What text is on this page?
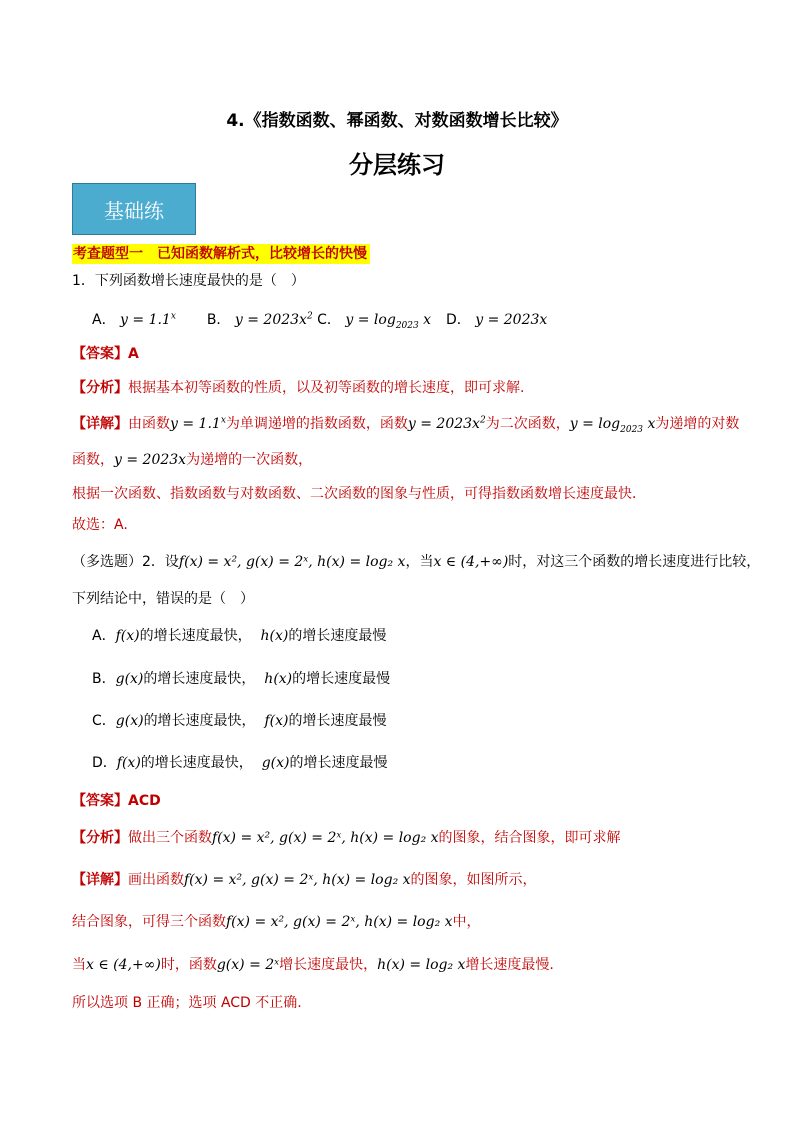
4.《指数函数、幂函数、对数函数增长比较》
分层练习
基础练
考查题型一　已知函数解析式，比较增长的快慢
1．下列函数增长速度最快的是（　）
A． $y = 1.1^x$ B． $y = 2023x^2$ C． $y = \log_{2023} x$ D． y = 2023x
【答案】A
【分析】根据基本初等函数的性质，以及初等函数的增长速度，即可求解.
【详解】由函数$y = 1.1^x$为单调递增的指数函数，函数$y = 2023x^2$为二次函数，$y = \log_{2023} x$为递增的对数
函数，y = 2023x为递增的一次函数，
根据一次函数、指数函数与对数函数、二次函数的图象与性质，可得指数函数增长速度最快．
故选：A.
（多选题）2．设f(x) = x², g(x) = 2ˣ, h(x) = log₂ x，当x ∈ (4,+∞)时，对这三个函数的增长速度进行比较，
下列结论中，错误的是（　）
A．f(x)的增长速度最快， h(x)的增长速度最慢
B．g(x)的增长速度最快， h(x)的增长速度最慢
C．g(x)的增长速度最快， f(x)的增长速度最慢
D．f(x)的增长速度最快， g(x)的增长速度最慢
【答案】ACD
【分析】做出三个函数f(x) = x², g(x) = 2ˣ, h(x) = log₂ x的图象，结合图象，即可求解
【详解】画出函数f(x) = x², g(x) = 2ˣ, h(x) = log₂ x的图象，如图所示，
结合图象，可得三个函数f(x) = x², g(x) = 2ˣ, h(x) = log₂ x中，
当x ∈ (4,+∞)时，函数g(x) = 2ˣ增长速度最快，h(x) = log₂ x增长速度最慢.
所以选项 B 正确；选项 ACD 不正确.
